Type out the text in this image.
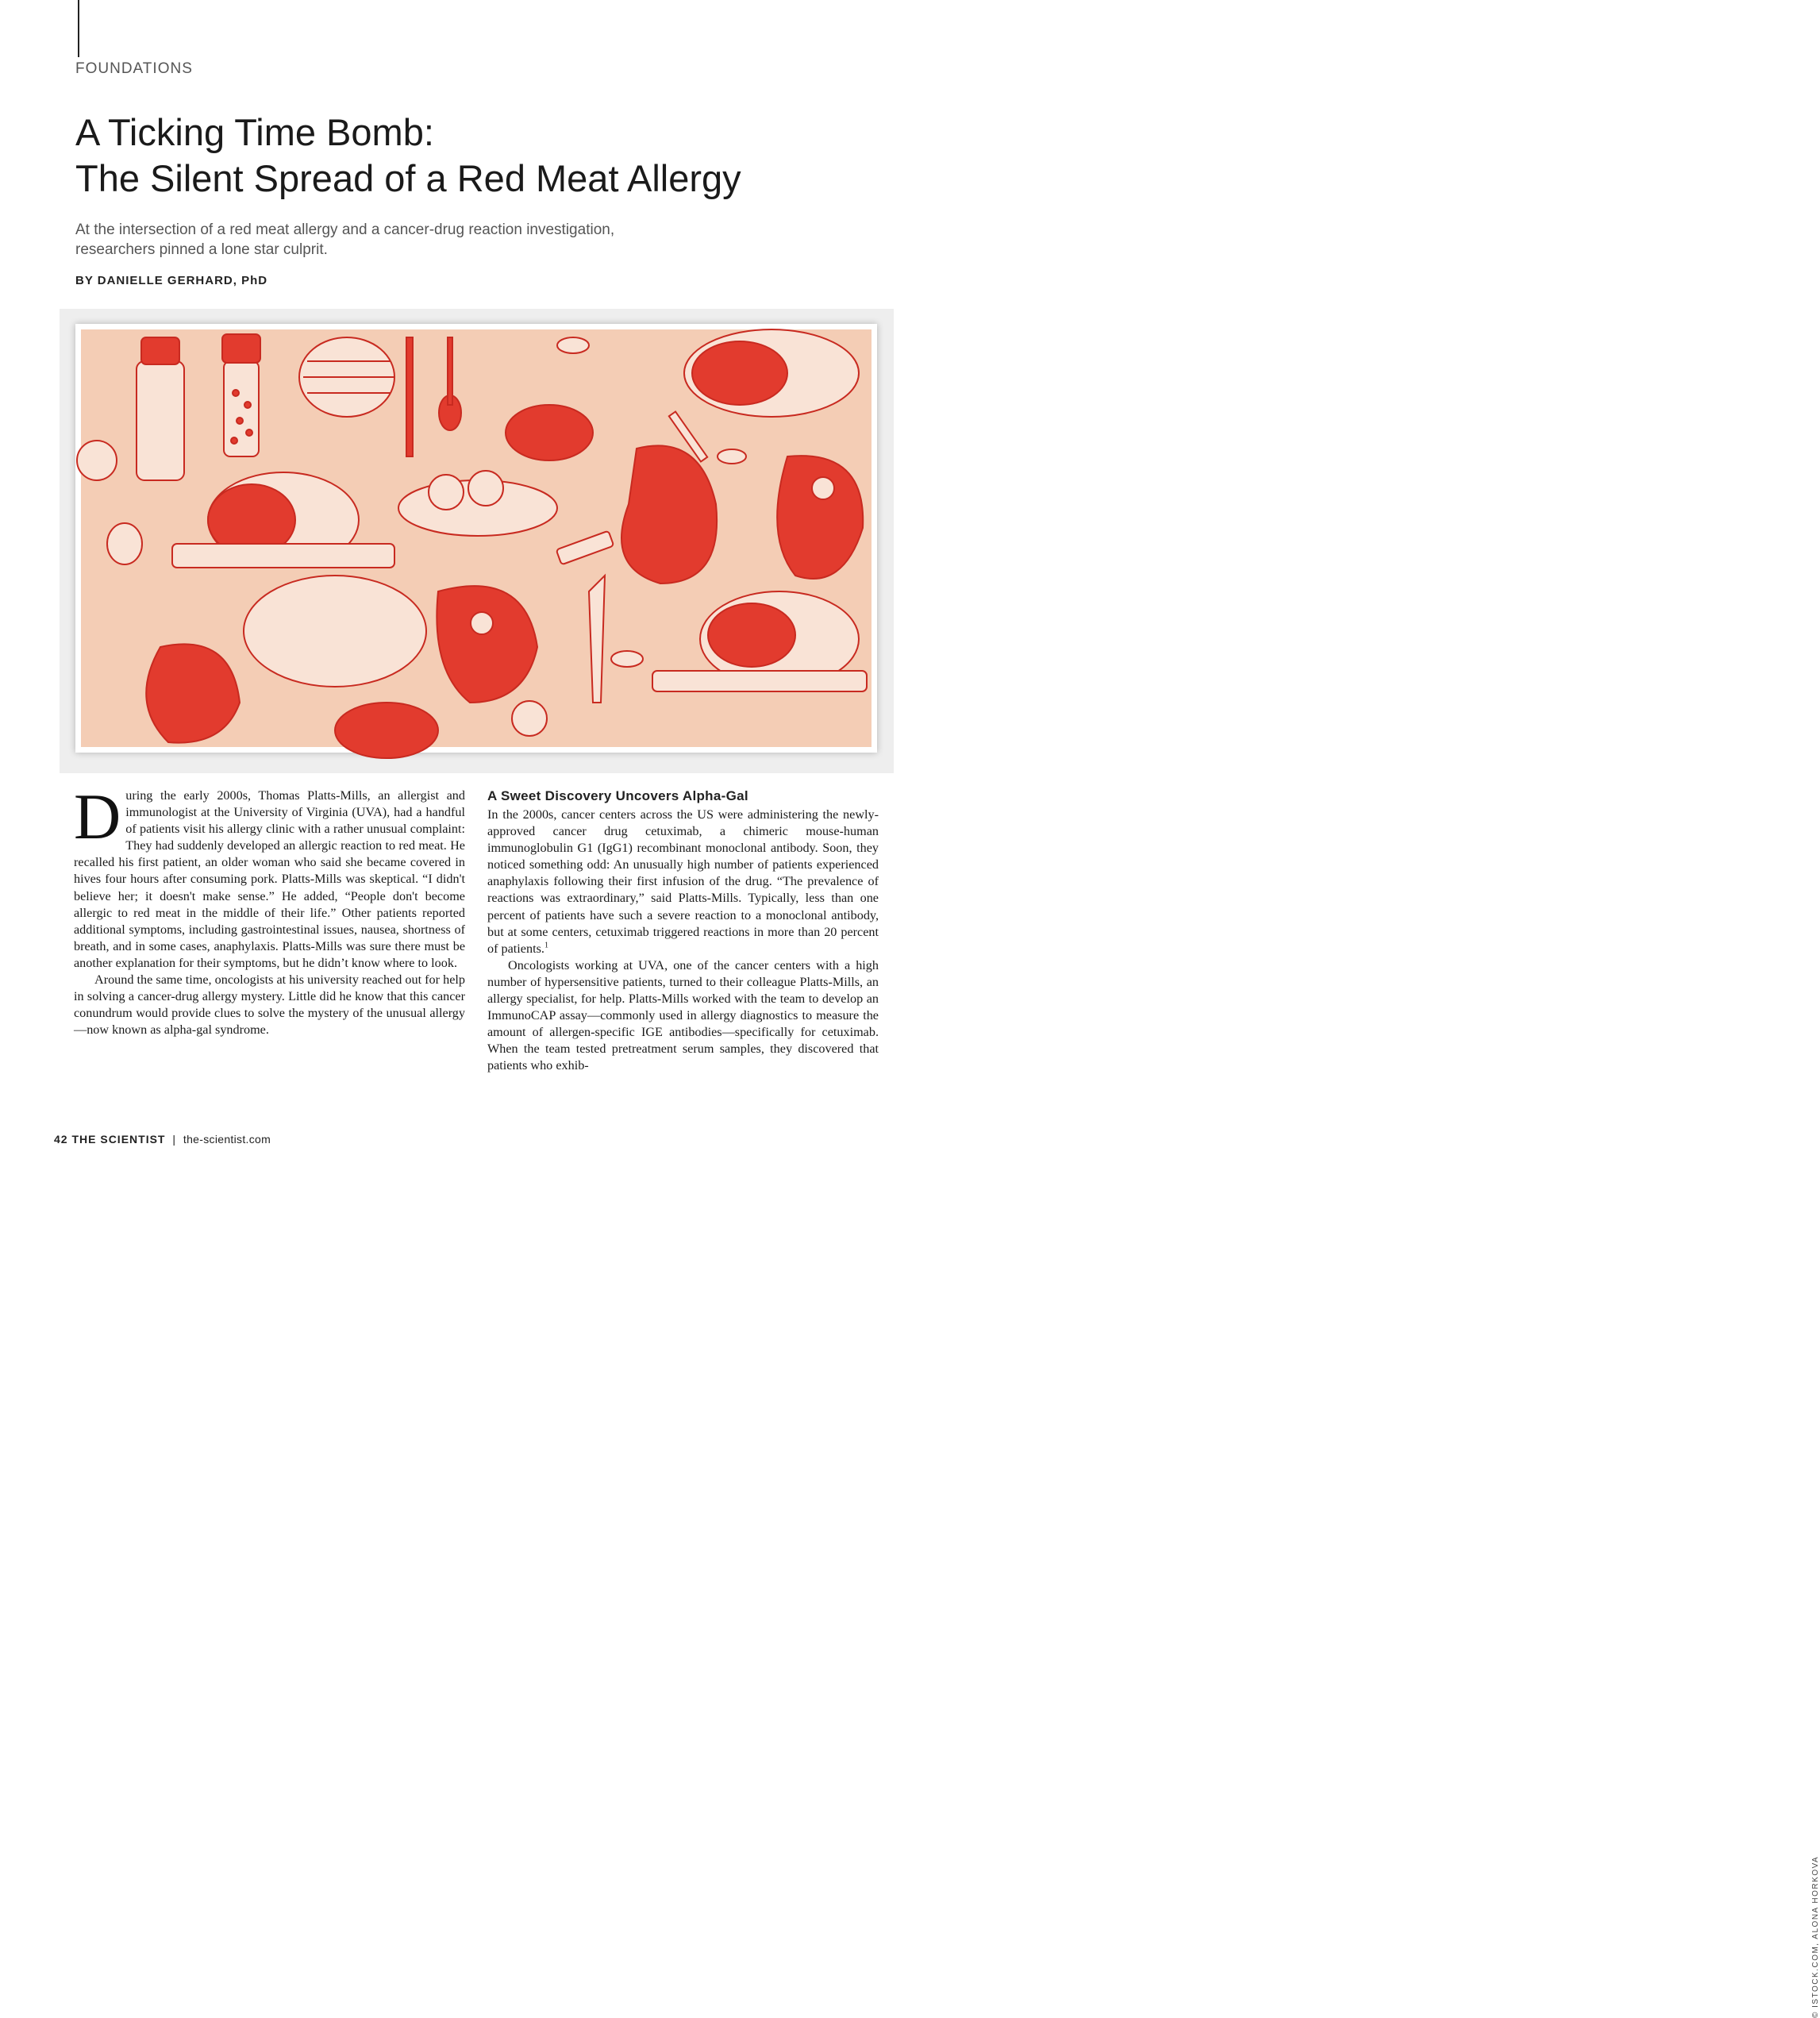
FOUNDATIONS
A Ticking Time Bomb:
The Silent Spread of a Red Meat Allergy
At the intersection of a red meat allergy and a cancer-drug reaction investigation,
researchers pinned a lone star culprit.
BY DANIELLE GERHARD, PhD

During the early 2000s, Thomas Platts-Mills, an allergist and immunologist at the University of Virginia (UVA), had a handful of patients visit his allergy clinic with a rather unusual complaint: They had suddenly developed an allergic reaction to red meat. He recalled his first patient, an older woman who said she became covered in hives four hours after consuming pork. Platts-Mills was skeptical. “I didn't believe her; it doesn't make sense.” He added, “People don't become allergic to red meat in the middle of their life.” Other patients reported additional symptoms, including gastrointestinal issues, nausea, shortness of breath, and in some cases, anaphylaxis. Platts-Mills was sure there must be another explanation for their symptoms, but he didn’t know where to look.

Around the same time, oncologists at his university reached out for help in solving a cancer-drug allergy mystery. Little did he know that this cancer conundrum would provide clues to solve the mystery of the unusual allergy—now known as alpha-gal syndrome.

A Sweet Discovery Uncovers Alpha-Gal

In the 2000s, cancer centers across the US were administering the newly-approved cancer drug cetuximab, a chimeric mouse-human immunoglobulin G1 (IgG1) recombinant monoclonal antibody. Soon, they noticed something odd: An unusually high number of patients experienced anaphylaxis following their first infusion of the drug. “The prevalence of reactions was extraordinary,” said Platts-Mills. Typically, less than one percent of patients have such a severe reaction to a monoclonal antibody, but at some centers, cetuximab triggered reactions in more than 20 percent of patients.$^1$

Oncologists working at UVA, one of the cancer centers with a high number of hypersensitive patients, turned to their colleague Platts-Mills, an allergy specialist, for help. Platts-Mills worked with the team to develop an ImmunoCAP assay—commonly used in allergy diagnostics to measure the amount of allergen-specific IGE antibodies—specifically for cetuximab. When the team tested pretreatment serum samples, they discovered that patients who exhib-

© ISTOCK.COM, ALONA HORKOVA
42 THE SCIENTIST | the-scientist.com
